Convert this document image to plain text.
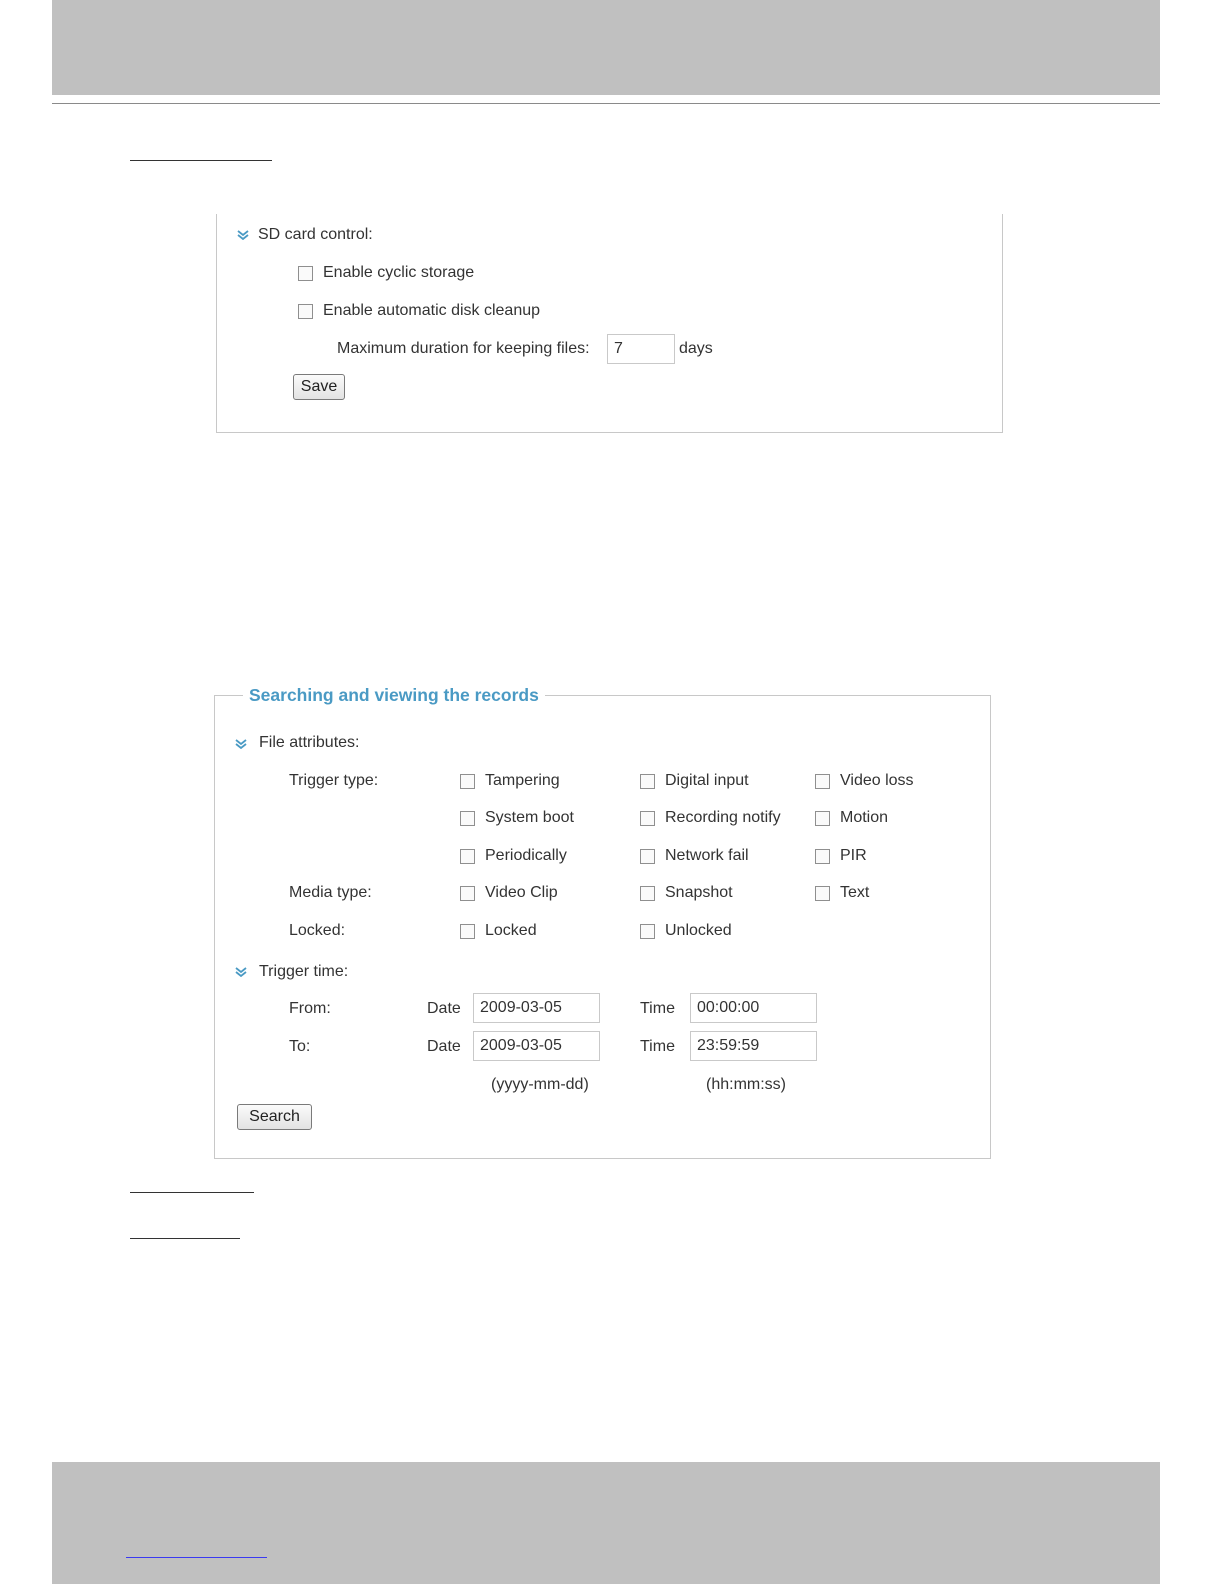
SD card control:
Enable cyclic storage
Enable automatic disk cleanup
Maximum duration for keeping files:	7	days
Save
Searching and viewing the records
File attributes:
Trigger type:	Tampering	Digital input	Video loss
System boot	Recording notify	Motion
Periodically	Network fail	PIR
Media type:	Video Clip	Snapshot	Text
Locked:	Locked	Unlocked
Trigger time:
From:	Date	2009-03-05	Time	00:00:00
To:	Date	2009-03-05	Time	23:59:59
(yyyy-mm-dd)	(hh:mm:ss)
Search
